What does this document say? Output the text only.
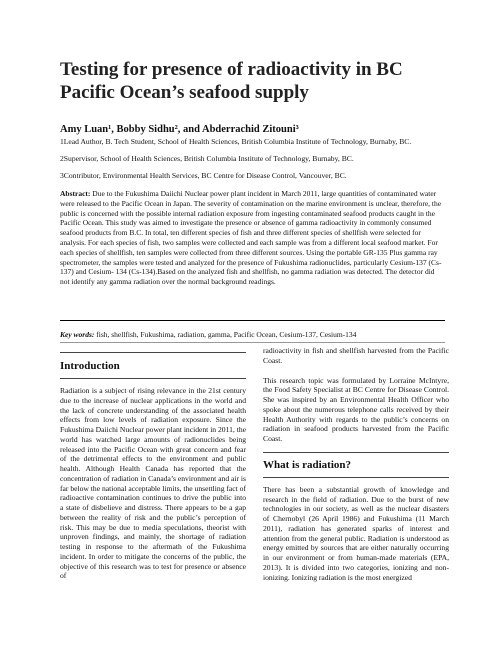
Testing for presence of radioactivity in BC Pacific Ocean’s seafood supply

Amy Luan¹, Bobby Sidhu², and Abderrachid Zitouni³

1Lead Author, B. Tech Student, School of Health Sciences, British Columbia Institute of Technology, Burnaby, BC.

2Supervisor, School of Health Sciences, British Columbia Institute of Technology, Burnaby, BC.

3Contributor, Environmental Health Services, BC Centre for Disease Control, Vancouver, BC.

Abstract: Due to the Fukushima Daiichi Nuclear power plant incident in March 2011, large quantities of contaminated water were released to the Pacific Ocean in Japan. The severity of contamination on the marine environment is unclear, therefore, the public is concerned with the possible internal radiation exposure from ingesting contaminated seafood products caught in the Pacific Ocean. This study was aimed to investigate the presence or absence of gamma radioactivity in commonly consumed seafood products from B.C. In total, ten different species of fish and three different species of shellfish were selected for analysis. For each species of fish, two samples were collected and each sample was from a different local seafood market. For each species of shellfish, ten samples were collected from three different sources. Using the portable GR-135 Plus gamma ray spectrometer, the samples were tested and analyzed for the presence of Fukushima radionuclides, particularly Cesium-137 (Cs-137) and Cesium- 134 (Cs-134).Based on the analyzed fish and shellfish, no gamma radiation was detected. The detector did not identify any gamma radiation over the normal background readings.

Key words: fish, shellfish, Fukushima, radiation, gamma, Pacific Ocean, Cesium-137, Cesium-134

Introduction

Radiation is a subject of rising relevance in the 21st century due to the increase of nuclear applications in the world and the lack of concrete understanding of the associated health effects from low levels of radiation exposure. Since the Fukushima Daiichi Nuclear power plant incident in 2011, the world has watched large amounts of radionuclides being released into the Pacific Ocean with great concern and fear of the detrimental effects to the environment and public health. Although Health Canada has reported that the concentration of radiation in Canada’s environment and air is far below the national acceptable limits, the unsettling fact of radioactive contamination continues to drive the public into a state of disbelieve and distress. There appears to be a gap between the reality of risk and the public’s perception of risk. This may be due to media speculations, theorist with unproven findings, and mainly, the shortage of radiation testing in response to the aftermath of the Fukushima incident. In order to mitigate the concerns of the public, the objective of this research was to test for presence or absence of

radioactivity in fish and shellfish harvested from the Pacific Coast.

This research topic was formulated by Lorraine McIntyre, the Food Safety Specialist at BC Centre for Disease Control. She was inspired by an Environmental Health Officer who spoke about the numerous telephone calls received by their Health Authority with regards to the public’s concerns on radiation in seafood products harvested from the Pacific Coast.

What is radiation?

There has been a substantial growth of knowledge and research in the field of radiation. Due to the burst of new technologies in our society, as well as the nuclear disasters of Chernobyl (26 April 1986) and Fukushima (11 March 2011), radiation has generated sparks of interest and attention from the general public. Radiation is understood as energy emitted by sources that are either naturally occurring in our environment or from human-made materials (EPA, 2013). It is divided into two categories, ionizing and non-ionizing. Ionizing radiation is the most energized
